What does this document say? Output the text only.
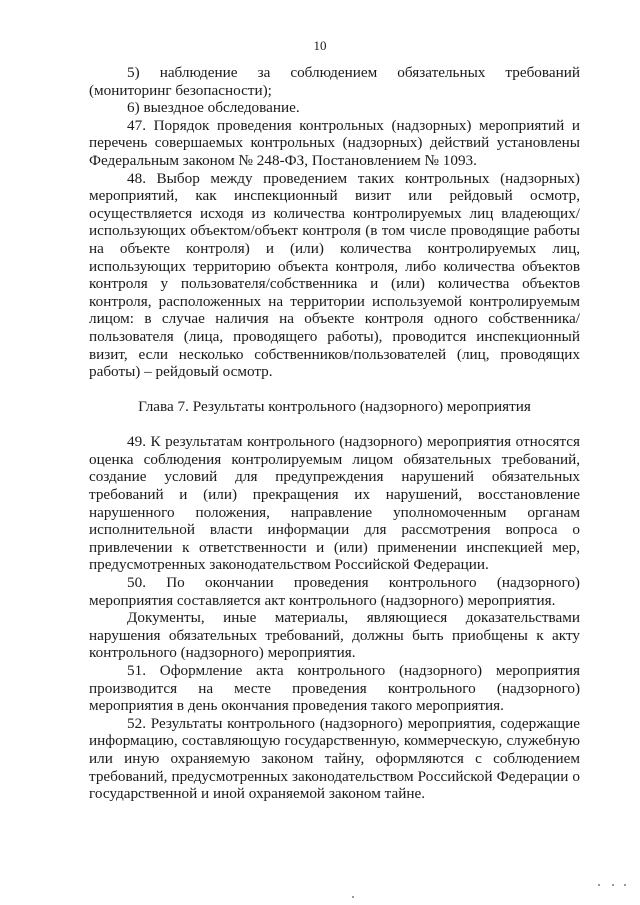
10

5) наблюдение за соблюдением обязательных требований (мониторинг безопасности);

6) выездное обследование.

47. Порядок проведения контрольных (надзорных) мероприятий и перечень совершаемых контрольных (надзорных) действий установлены Федеральным законом № 248-ФЗ, Постановлением № 1093.

48. Выбор между проведением таких контрольных (надзорных) мероприятий, как инспекционный визит или рейдовый осмотр, осуществляется исходя из количества контролируемых лиц владеющих/использующих объектом/объект контроля (в том числе проводящие работы на объекте контроля) и (или) количества контролируемых лиц, использующих территорию объекта контроля, либо количества объектов контроля у пользователя/собственника и (или) количества объектов контроля, расположенных на территории используемой контролируемым лицом: в случае наличия на объекте контроля одного собственника/пользователя (лица, проводящего работы), проводится инспекционный визит, если несколько собственников/пользователей (лиц, проводящих работы) – рейдовый осмотр.

Глава 7. Результаты контрольного (надзорного) мероприятия

49. К результатам контрольного (надзорного) мероприятия относятся оценка соблюдения контролируемым лицом обязательных требований, создание условий для предупреждения нарушений обязательных требований и (или) прекращения их нарушений, восстановление нарушенного положения, направление уполномоченным органам исполнительной власти информации для рассмотрения вопроса о привлечении к ответственности и (или) применении инспекцией мер, предусмотренных законодательством Российской Федерации.

50. По окончании проведения контрольного (надзорного) мероприятия составляется акт контрольного (надзорного) мероприятия.

Документы, иные материалы, являющиеся доказательствами нарушения обязательных требований, должны быть приобщены к акту контрольного (надзорного) мероприятия.

51. Оформление акта контрольного (надзорного) мероприятия производится на месте проведения контрольного (надзорного) мероприятия в день окончания проведения такого мероприятия.

52. Результаты контрольного (надзорного) мероприятия, содержащие информацию, составляющую государственную, коммерческую, служебную или иную охраняемую законом тайну, оформляются с соблюдением требований, предусмотренных законодательством Российской Федерации о государственной и иной охраняемой законом тайне.
